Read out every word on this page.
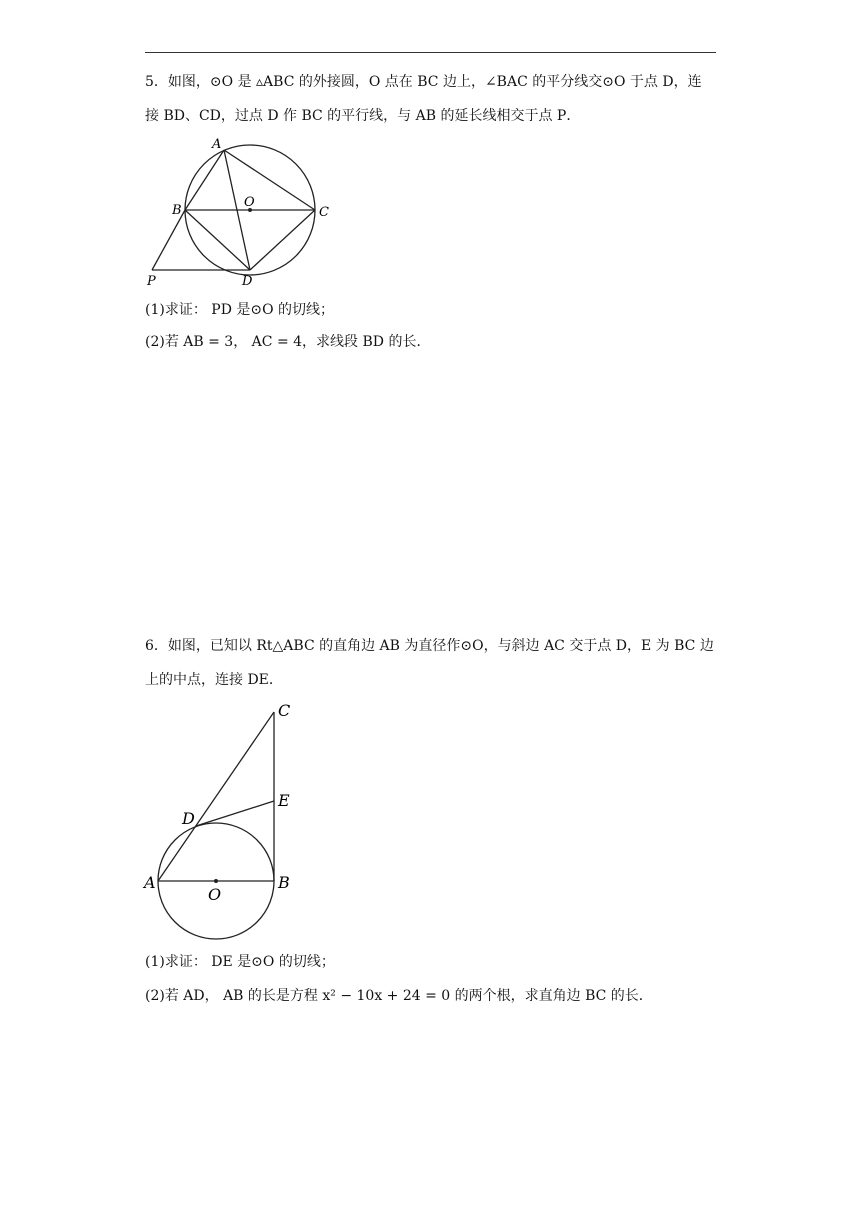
5．如图，⊙O 是 ▵ABC 的外接圆，O 点在 BC 边上，∠BAC 的平分线交⊙O 于点 D，连
接 BD、CD，过点 D 作 BC 的平行线，与 AB 的延长线相交于点 P．
A
B	C
O
D
P
(1)求证： PD 是⊙O 的切线；
(2)若 AB = 3， AC = 4，求线段 BD 的长．
6．如图，已知以 Rt△ABC 的直角边 AB 为直径作⊙O，与斜边 AC 交于点 D，E 为 BC 边
上的中点，连接 DE．
C
E
D
A	B
O
(1)求证： DE 是⊙O 的切线；
(2)若 AD， AB 的长是方程 x² − 10x + 24 = 0 的两个根，求直角边 BC 的长．
